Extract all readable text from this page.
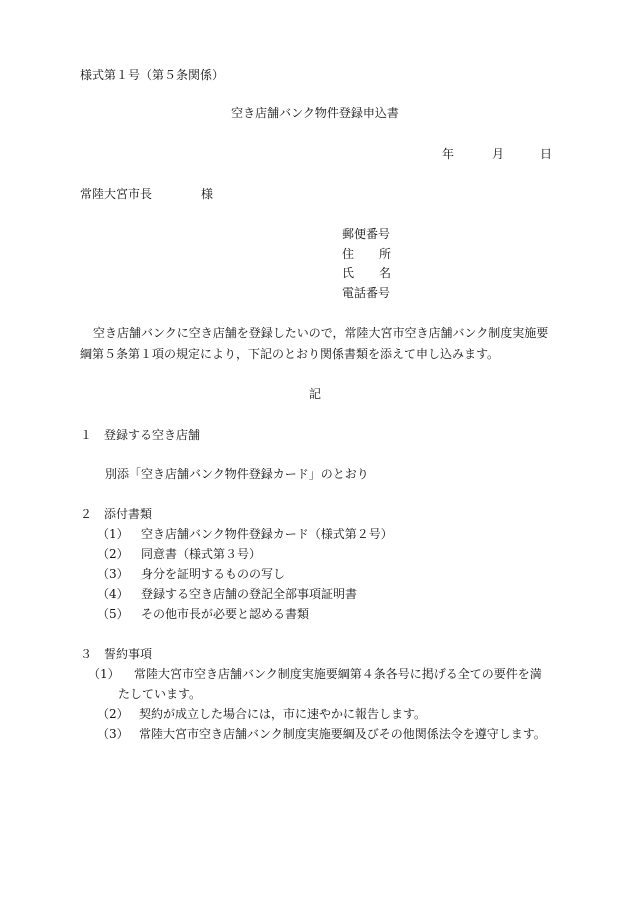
様式第１号（第５条関係）
空き店舗バンク物件登録申込書
年	月	日
常陸大宮市長	様
郵便番号
住 所
氏 名
電話番号
空き店舗バンクに空き店舗を登録したいので，常陸大宮市空き店舗バンク制度実施要
綱第５条第１項の規定により，下記のとおり関係書類を添えて申し込みます。
記
１　登録する空き店舗
別添「空き店舗バンク物件登録カード」のとおり
２　添付書類
（1） 空き店舗バンク物件登録カード（様式第２号）
（2） 同意書（様式第３号）
（3） 身分を証明するものの写し
（4） 登録する空き店舗の登記全部事項証明書
（5） その他市長が必要と認める書類
３　誓約事項
（1） 常陸大宮市空き店舗バンク制度実施要綱第４条各号に掲げる全ての要件を満
たしています。
（2） 契約が成立した場合には，市に速やかに報告します。
（3） 常陸大宮市空き店舗バンク制度実施要綱及びその他関係法令を遵守します。
